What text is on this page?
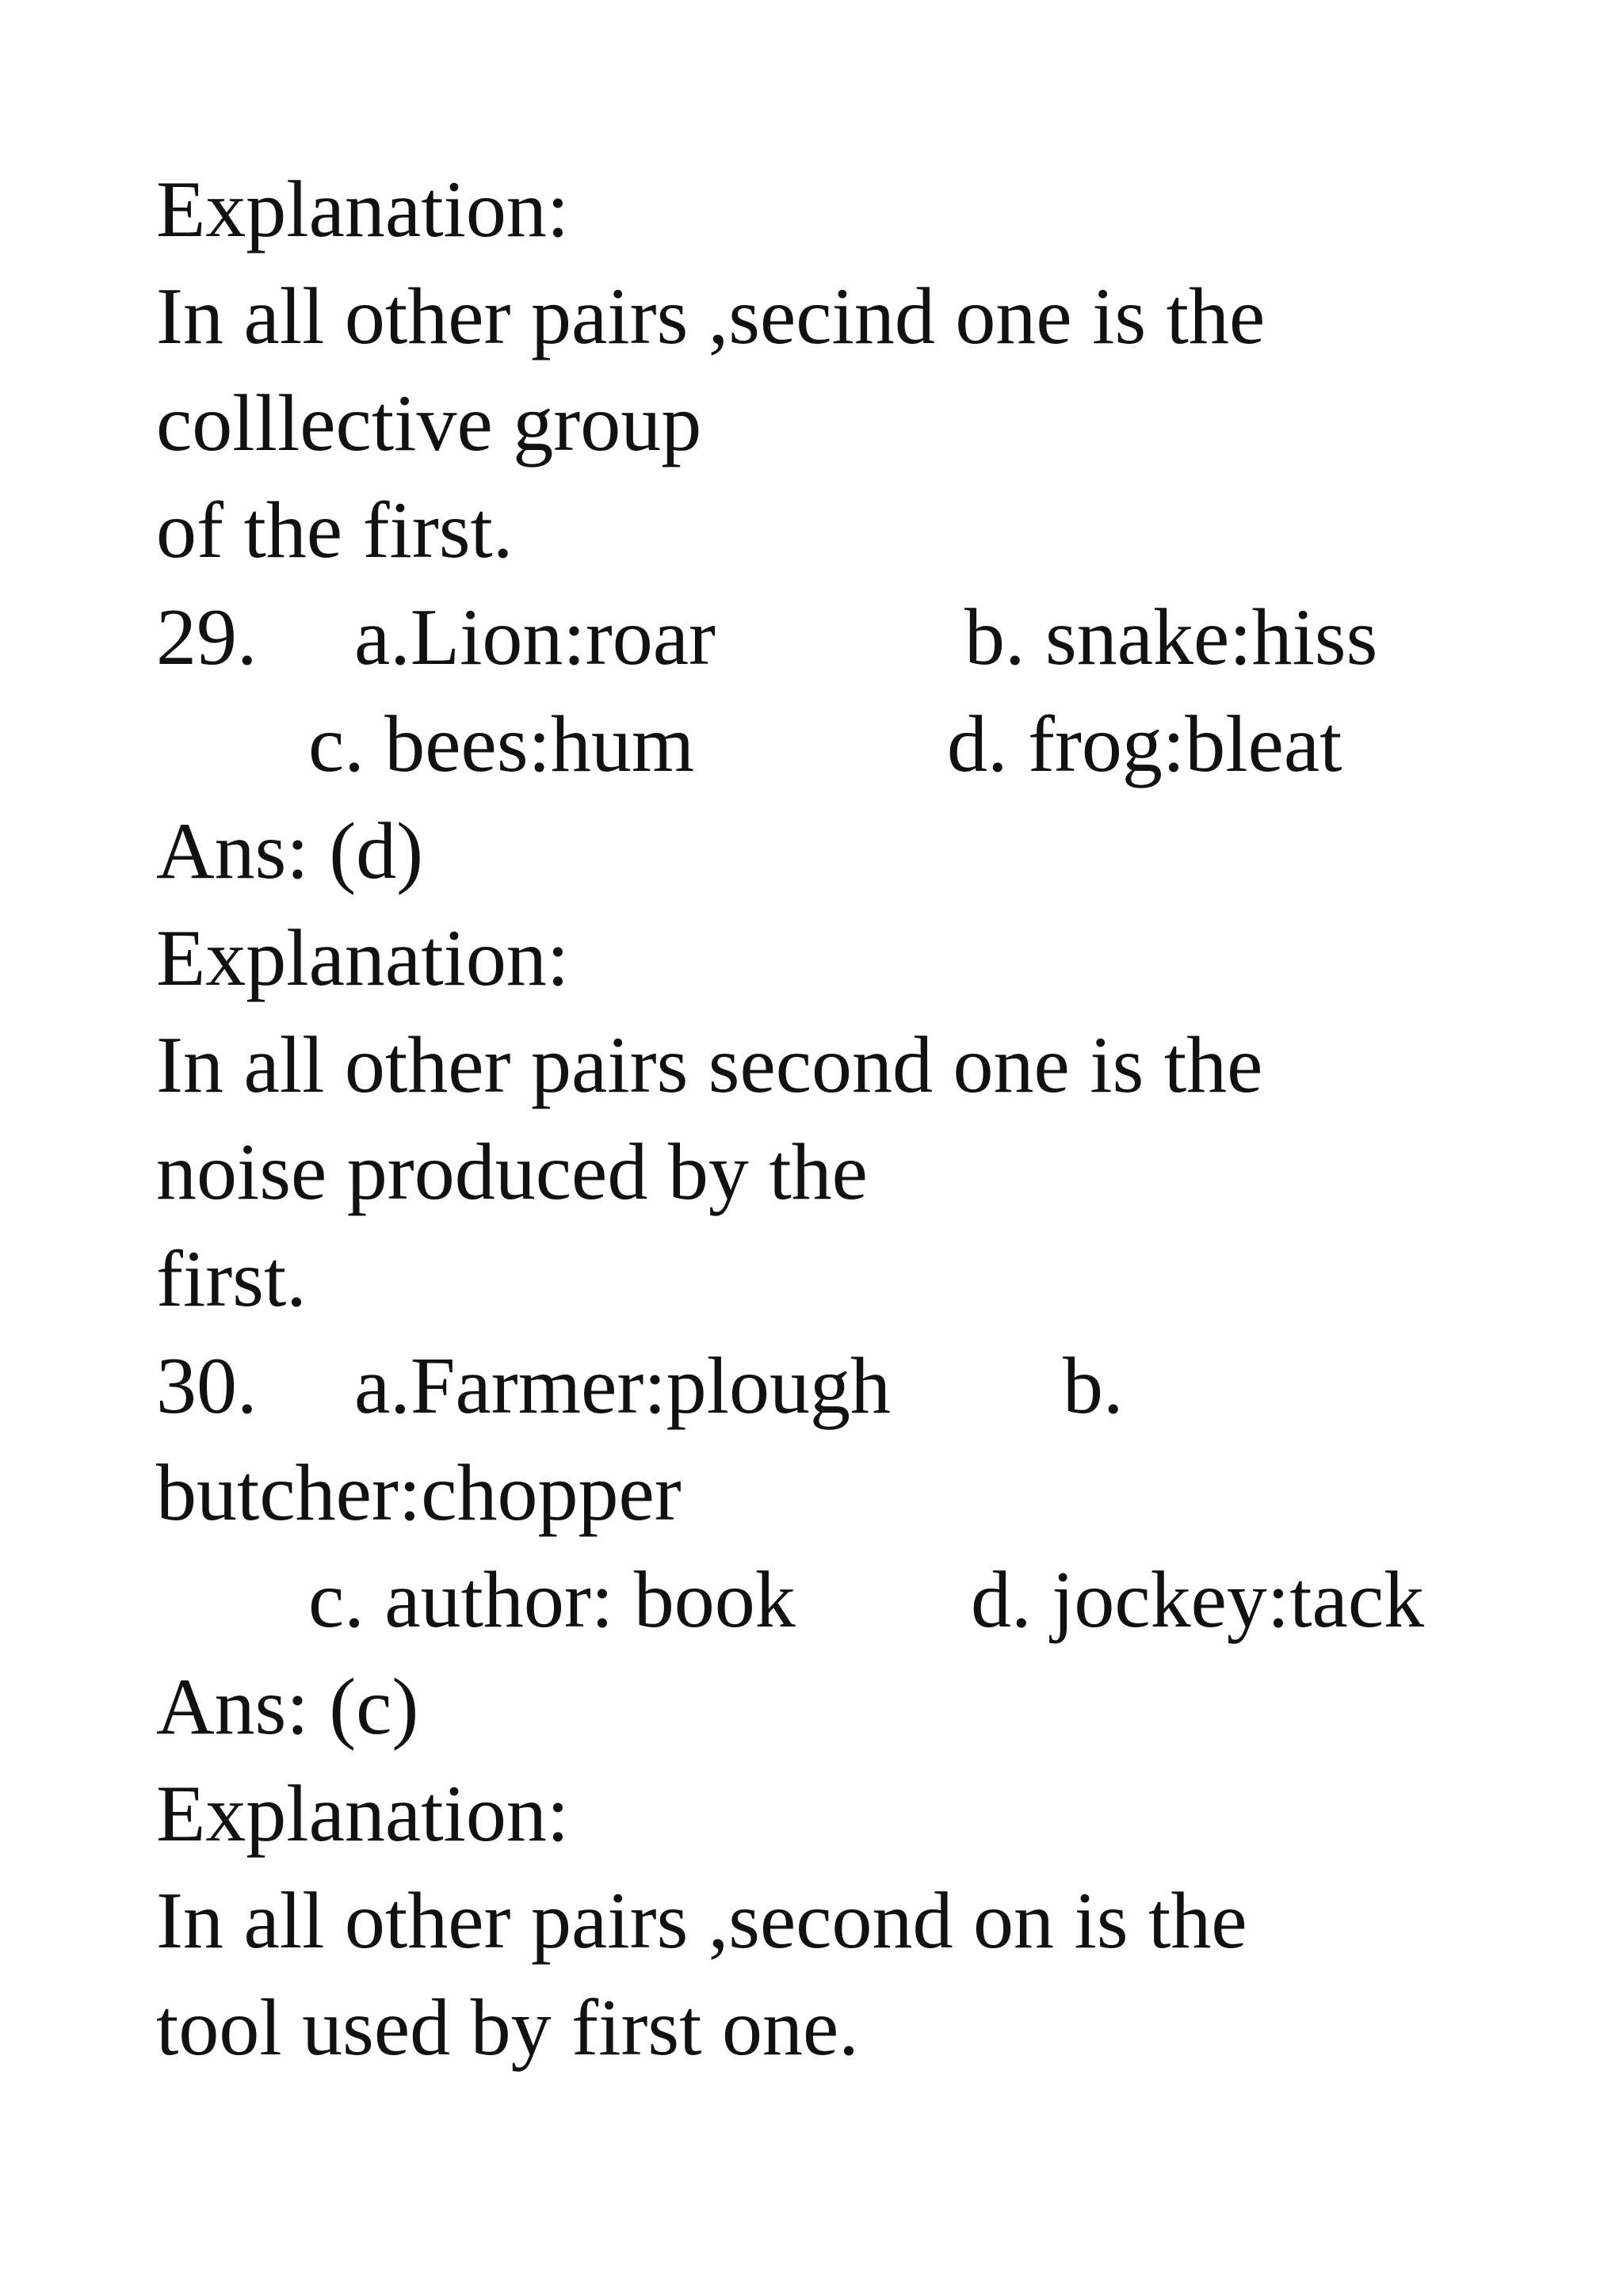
Explanation:
In all other pairs ,secind one is the
colllective group
of the first.
29. a.Lion:roar	b. snake:hiss
c. bees:hum	d. frog:bleat
Ans: (d)
Explanation:
In all other pairs second one is the
noise produced by the
first.
30. a.Farmer:plough b.
butcher:chopper
c. author: book d. jockey:tack
Ans: (c)
Explanation:
In all other pairs ,second on is the
tool used by first one.
